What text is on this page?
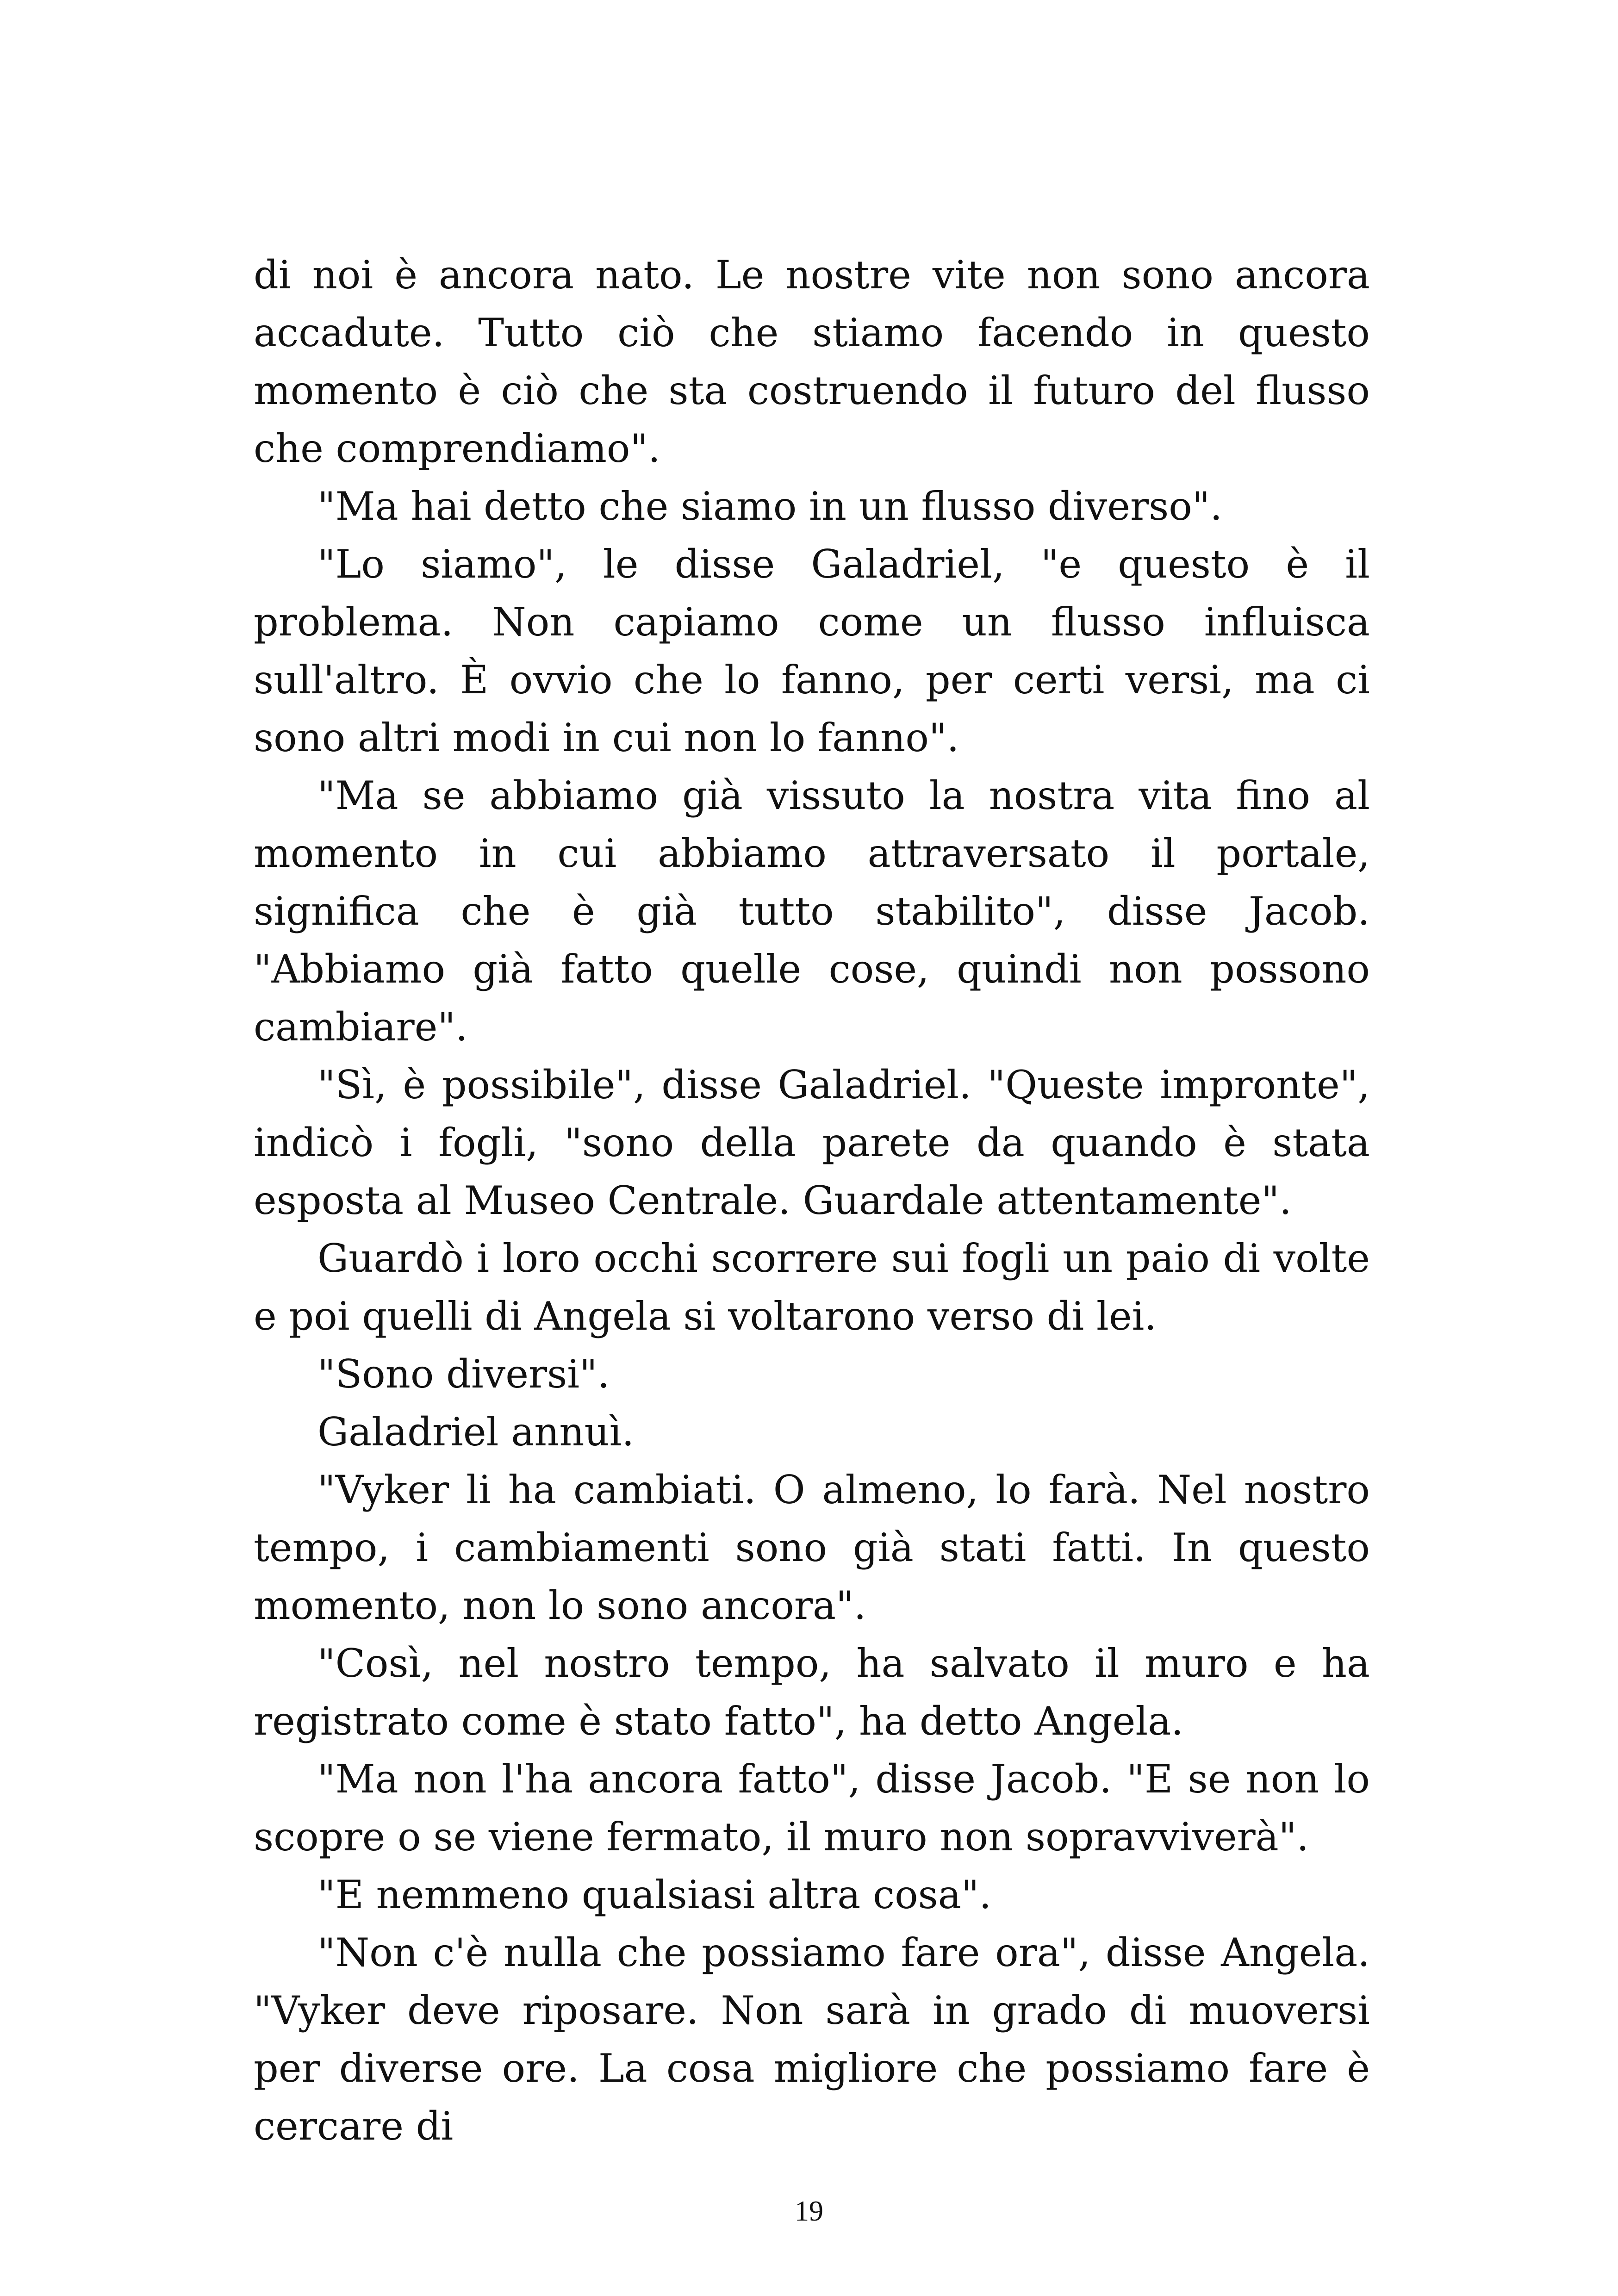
di noi è ancora nato. Le nostre vite non sono ancora accadute. Tutto ciò che stiamo facendo in questo momento è ciò che sta costruendo il futuro del flusso che comprendiamo".

"Ma hai detto che siamo in un flusso diverso".

"Lo siamo", le disse Galadriel, "e questo è il problema. Non capiamo come un flusso influisca sull'altro. È ovvio che lo fanno, per certi versi, ma ci sono altri modi in cui non lo fanno".

"Ma se abbiamo già vissuto la nostra vita fino al momento in cui abbiamo attraversato il portale, significa che è già tutto stabilito", disse Jacob. "Abbiamo già fatto quelle cose, quindi non possono cambiare".

"Sì, è possibile", disse Galadriel. "Queste impronte", indicò i fogli, "sono della parete da quando è stata esposta al Museo Centrale. Guardale attentamente".

Guardò i loro occhi scorrere sui fogli un paio di volte e poi quelli di Angela si voltarono verso di lei.

"Sono diversi".

Galadriel annuì.

"Vyker li ha cambiati. O almeno, lo farà. Nel nostro tempo, i cambiamenti sono già stati fatti. In questo momento, non lo sono ancora".

"Così, nel nostro tempo, ha salvato il muro e ha registrato come è stato fatto", ha detto Angela.

"Ma non l'ha ancora fatto", disse Jacob. "E se non lo scopre o se viene fermato, il muro non sopravviverà".

"E nemmeno qualsiasi altra cosa".

"Non c'è nulla che possiamo fare ora", disse Angela. "Vyker deve riposare. Non sarà in grado di muoversi per diverse ore. La cosa migliore che possiamo fare è cercare di

19
